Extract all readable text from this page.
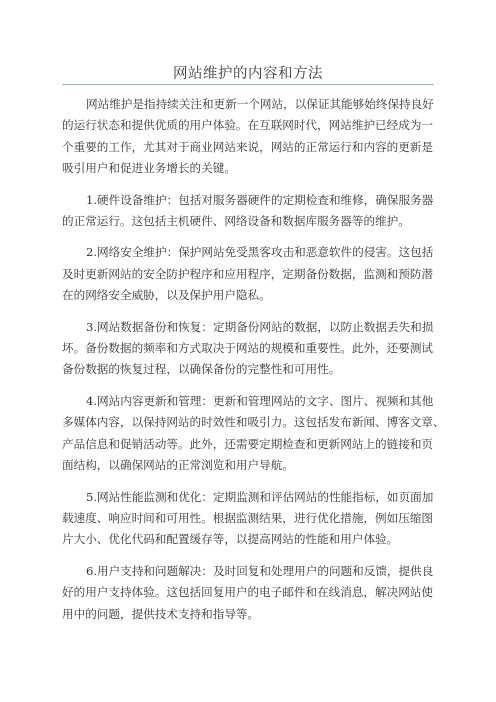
网站维护的内容和方法

网站维护是指持续关注和更新一个网站，以保证其能够始终保持良好
的运行状态和提供优质的用户体验。在互联网时代，网站维护已经成为一
个重要的工作，尤其对于商业网站来说，网站的正常运行和内容的更新是
吸引用户和促进业务增长的关键。

1.硬件设备维护：包括对服务器硬件的定期检查和维修，确保服务器
的正常运行。这包括主机硬件、网络设备和数据库服务器等的维护。

2.网络安全维护：保护网站免受黑客攻击和恶意软件的侵害。这包括
及时更新网站的安全防护程序和应用程序，定期备份数据，监测和预防潜
在的网络安全威胁，以及保护用户隐私。

3.网站数据备份和恢复：定期备份网站的数据，以防止数据丢失和损
坏。备份数据的频率和方式取决于网站的规模和重要性。此外，还要测试
备份数据的恢复过程，以确保备份的完整性和可用性。

4.网站内容更新和管理：更新和管理网站的文字、图片、视频和其他
多媒体内容，以保持网站的时效性和吸引力。这包括发布新闻、博客文章、
产品信息和促销活动等。此外，还需要定期检查和更新网站上的链接和页
面结构，以确保网站的正常浏览和用户导航。

5.网站性能监测和优化：定期监测和评估网站的性能指标，如页面加
载速度、响应时间和可用性。根据监测结果，进行优化措施，例如压缩图
片大小、优化代码和配置缓存等，以提高网站的性能和用户体验。

6.用户支持和问题解决：及时回复和处理用户的问题和反馈，提供良
好的用户支持体验。这包括回复用户的电子邮件和在线消息，解决网站使
用中的问题，提供技术支持和指导等。
